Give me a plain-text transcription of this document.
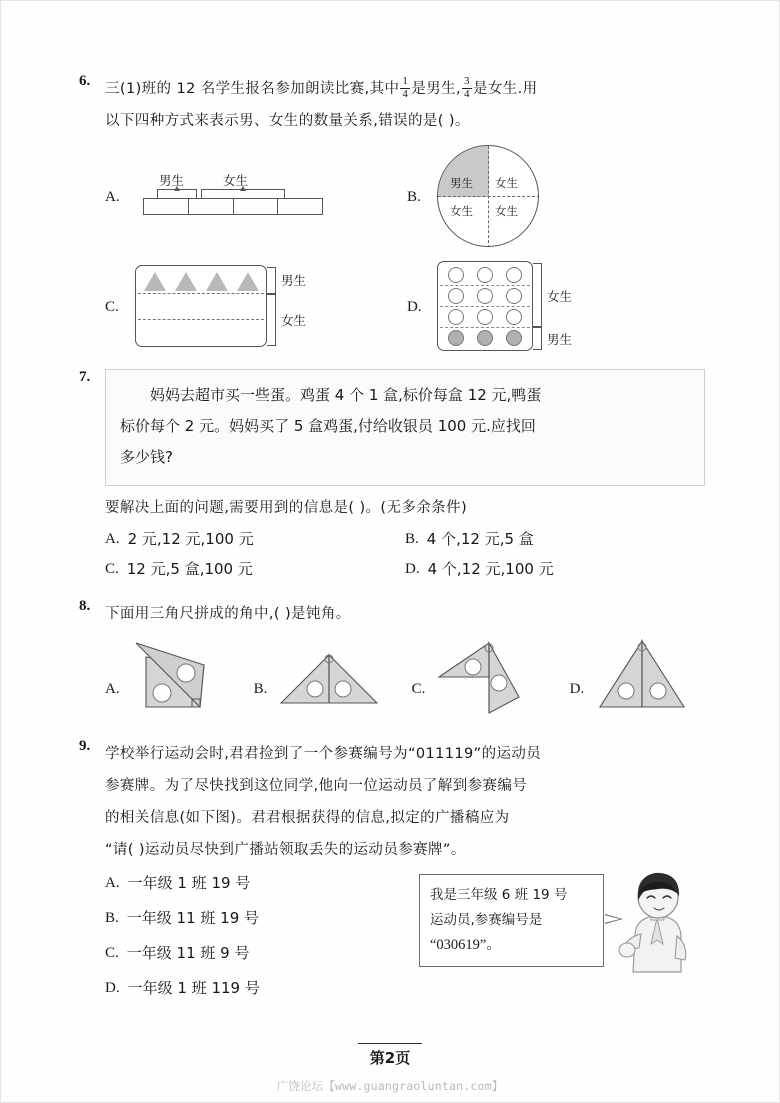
6. 三(1)班的 12 名学生报名参加朗读比赛,其中 $\frac{1}{4}$ 是男生, $\frac{3}{4}$ 是女生.用
以下四种方式来表示男、女生的数量关系,错误的是( )。
A.
男生	女生
B.
男生 女生
女生 女生
C.
男生
女生
D.
女生
男生
7.
妈妈去超市买一些蛋。鸡蛋 4 个 1 盒,标价每盒 12 元,鸭蛋
标价每个 2 元。妈妈买了 5 盒鸡蛋,付给收银员 100 元.应找回
多少钱?
要解决上面的问题,需要用到的信息是( )。(无多余条件)
A. 2 元,12 元,100 元	B. 4 个,12 元,5 盒
C. 12 元,5 盒,100 元	D. 4 个,12 元,100 元
8. 下面用三角尺拼成的角中,( )是钝角。
A.	B.	C.	D.
9. 学校举行运动会时,君君捡到了一个参赛编号为“011119”的运动员
参赛牌。为了尽快找到这位同学,他向一位运动员了解到参赛编号
的相关信息(如下图)。君君根据获得的信息,拟定的广播稿应为
“请( )运动员尽快到广播站领取丢失的运动员参赛牌”。
A. 一年级 1 班 19 号
B. 一年级 11 班 19 号
C. 一年级 11 班 9 号
D. 一年级 1 班 119 号
我是三年级 6 班 19 号
运动员,参赛编号是
“030619”。
第2页
广饶论坛【www.guangraoluntan.com】
